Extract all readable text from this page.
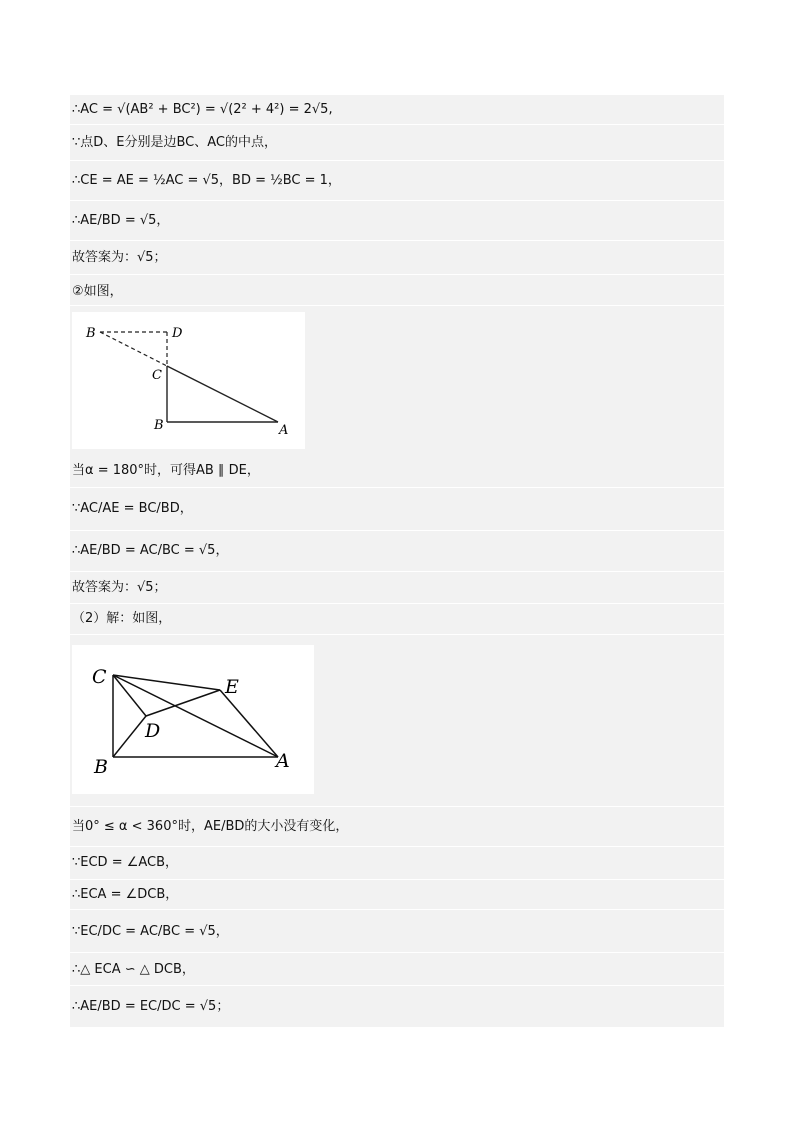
∴AC = √(AB² + BC²) = √(2² + 4²) = 2√5,
∵点D、E分别是边BC、AC的中点，
∴CE = AE = ½AC = √5，BD = ½BC = 1，
∴AE/BD = √5，
故答案为：√5；
②如图，
B	D
C
B	A
当α = 180°时，可得AB ∥ DE，
∵AC/AE = BC/BD，
∴AE/BD = AC/BC = √5，
故答案为：√5；
（2）解：如图，
C	E
D
B	A
当0° ≤ α < 360°时，AE/BD的大小没有变化，
∵ECD = ∠ACB，
∴ECA = ∠DCB，
∵EC/DC = AC/BC = √5，
∴△ ECA ∽ △ DCB，
∴AE/BD = EC/DC = √5；
